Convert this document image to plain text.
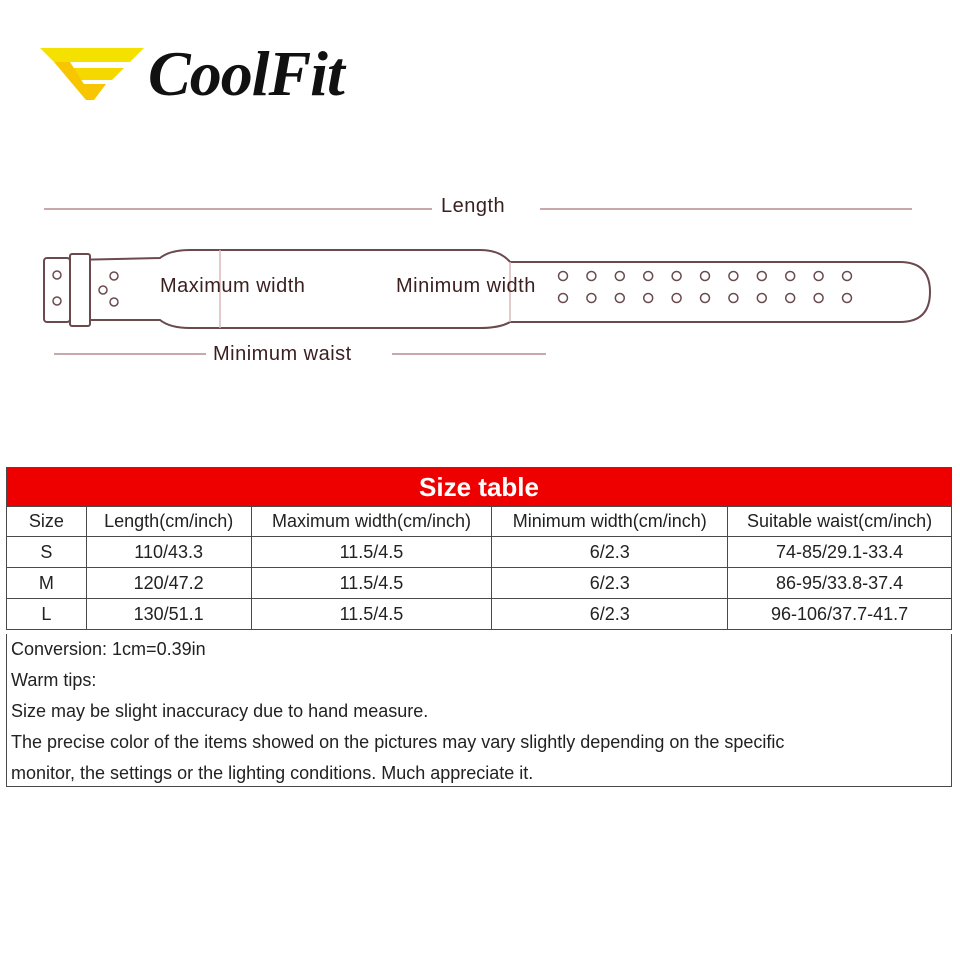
CoolFit
Length
Maximum width	Minimum width
Minimum waist
Size table				
Size	Length(cm/inch)	Maximum width(cm/inch)	Minimum width(cm/inch)	Suitable waist(cm/inch)
S	110/43.3	11.5/4.5	6/2.3	74-85/29.1-33.4
M	120/47.2	11.5/4.5	6/2.3	86-95/33.8-37.4
L	130/51.1	11.5/4.5	6/2.3	96-106/37.7-41.7
Conversion: 1cm=0.39in
Warm tips:
Size may be slight inaccuracy due to hand measure.
The precise color of the items showed on the pictures may vary slightly depending on the specific
monitor, the settings or the lighting conditions. Much appreciate it.
